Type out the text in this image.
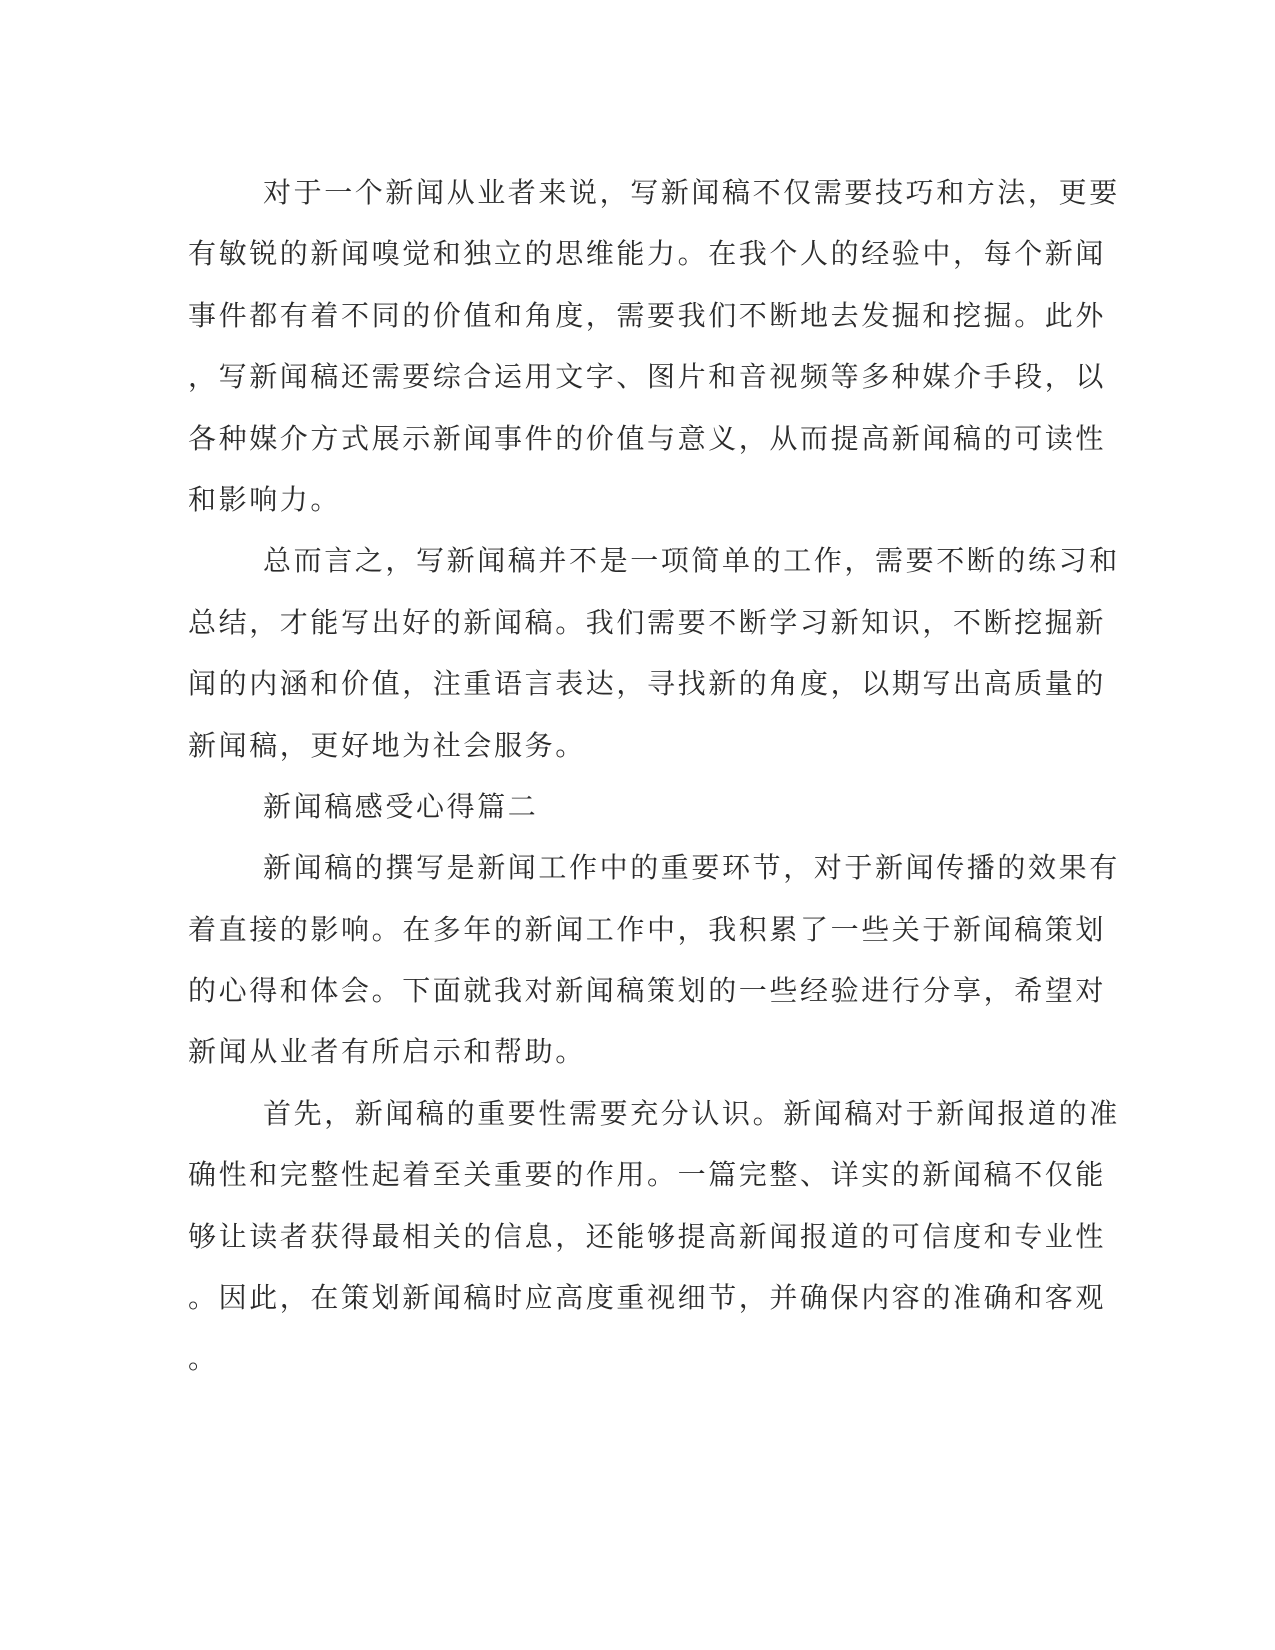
对于一个新闻从业者来说，写新闻稿不仅需要技巧和方法，更要
有敏锐的新闻嗅觉和独立的思维能力。在我个人的经验中，每个新闻
事件都有着不同的价值和角度，需要我们不断地去发掘和挖掘。此外
，写新闻稿还需要综合运用文字、图片和音视频等多种媒介手段，以
各种媒介方式展示新闻事件的价值与意义，从而提高新闻稿的可读性
和影响力。
总而言之，写新闻稿并不是一项简单的工作，需要不断的练习和
总结，才能写出好的新闻稿。我们需要不断学习新知识，不断挖掘新
闻的内涵和价值，注重语言表达，寻找新的角度，以期写出高质量的
新闻稿，更好地为社会服务。
新闻稿感受心得篇二
新闻稿的撰写是新闻工作中的重要环节，对于新闻传播的效果有
着直接的影响。在多年的新闻工作中，我积累了一些关于新闻稿策划
的心得和体会。下面就我对新闻稿策划的一些经验进行分享，希望对
新闻从业者有所启示和帮助。
首先，新闻稿的重要性需要充分认识。新闻稿对于新闻报道的准
确性和完整性起着至关重要的作用。一篇完整、详实的新闻稿不仅能
够让读者获得最相关的信息，还能够提高新闻报道的可信度和专业性
。因此，在策划新闻稿时应高度重视细节，并确保内容的准确和客观
。
